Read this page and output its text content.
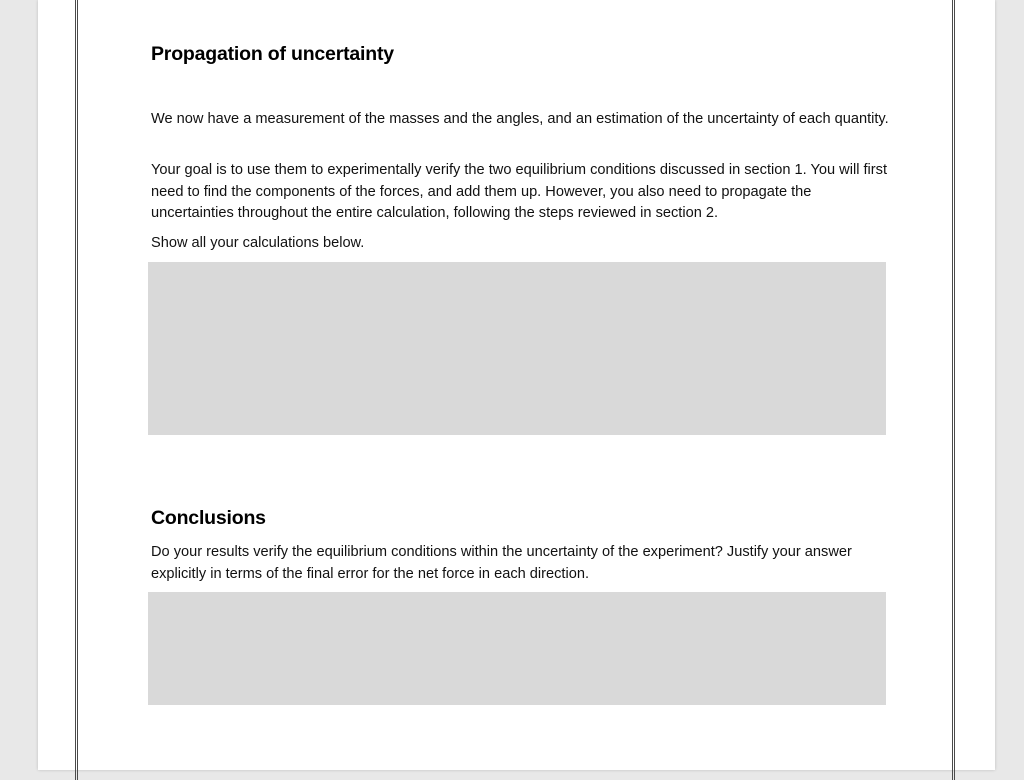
Propagation of uncertainty

We now have a measurement of the masses and the angles, and an estimation of the uncertainty of each quantity.

Your goal is to use them to experimentally verify the two equilibrium conditions discussed in section 1. You will first need to find the components of the forces, and add them up. However, you also need to propagate the uncertainties throughout the entire calculation, following the steps reviewed in section 2.

Show all your calculations below.

Conclusions

Do your results verify the equilibrium conditions within the uncertainty of the experiment? Justify your answer explicitly in terms of the final error for the net force in each direction.
